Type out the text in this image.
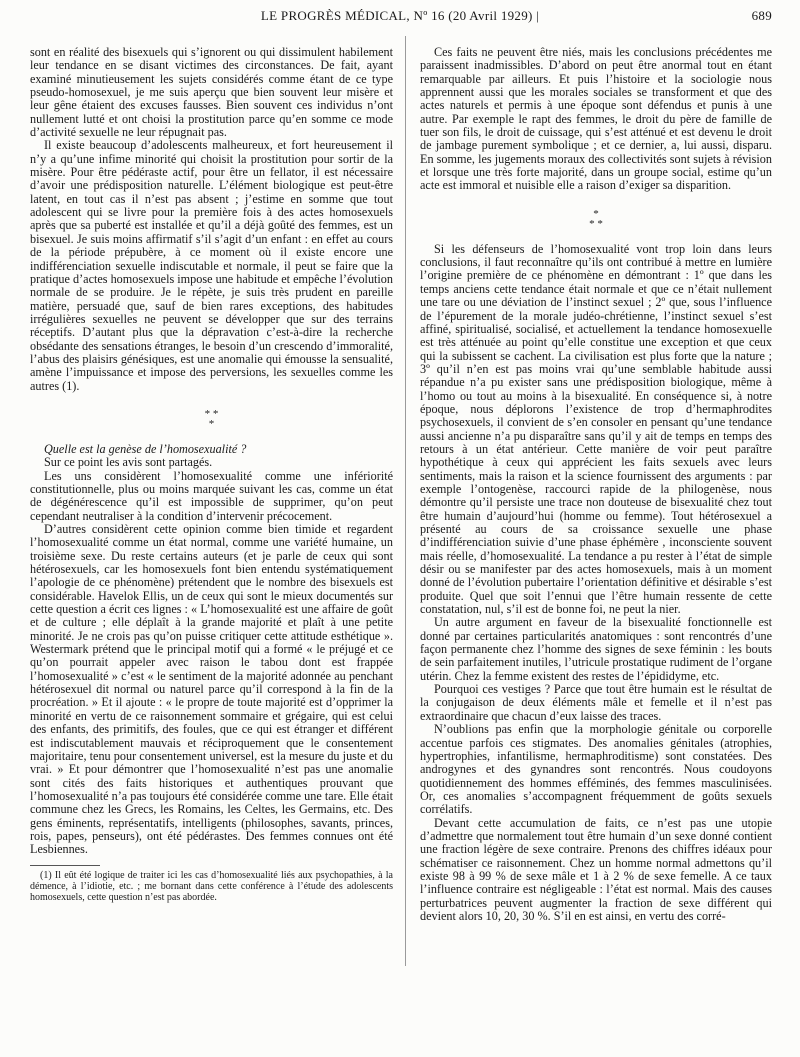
LE PROGRÈS MÉDICAL, Nº 16 (20 Avril 1929) |	689

sont en réalité des bisexuels qui s’ignorent ou qui dissimulent habilement leur tendance en se disant victimes des circonstances. De fait, ayant examiné minutieusement les sujets considérés comme étant de ce type pseudo-homosexuel, je me suis aperçu que bien souvent leur misère et leur gêne étaient des excuses fausses. Bien souvent ces individus n’ont nullement lutté et ont choisi la prostitution parce qu’en somme ce mode d’activité sexuelle ne leur répugnait pas.

Il existe beaucoup d’adolescents malheureux, et fort heureusement il n’y a qu’une infime minorité qui choisit la prostitution pour sortir de la misère. Pour être pédéraste actif, pour être un fellator, il est nécessaire d’avoir une prédisposition naturelle. L’élément biologique est peut-être latent, en tout cas il n’est pas absent ; j’estime en somme que tout adolescent qui se livre pour la première fois à des actes homosexuels après que sa puberté est installée et qu’il a déjà goûté des femmes, est un bisexuel. Je suis moins affirmatif s’il s’agit d’un enfant : en effet au cours de la période prépubère, à ce moment où il existe encore une indifférenciation sexuelle indiscutable et normale, il peut se faire que la pratique d’actes homosexuels impose une habitude et empêche l’évolution normale de se produire. Je le répète, je suis très prudent en pareille matière, persuadé que, sauf de bien rares exceptions, des habitudes irrégulières sexuelles ne peuvent se développer que sur des terrains réceptifs. D’autant plus que la dépravation c’est-à-dire la recherche obsédante des sensations étranges, le besoin d’un crescendo d’immoralité, l’abus des plaisirs génésiques, est une anomalie qui émousse la sensualité, amène l’impuissance et impose des perversions, les sexuelles comme les autres (1).

* *
*

Quelle est la genèse de l’homosexualité ?

Sur ce point les avis sont partagés.

Les uns considèrent l’homosexualité comme une infériorité constitutionnelle, plus ou moins marquée suivant les cas, comme un état de dégénérescence qu’il est impossible de supprimer, qu’on peut cependant neutraliser à la condition d’intervenir précocement.

D’autres considèrent cette opinion comme bien timide et regardent l’homosexualité comme un état normal, comme une variété humaine, un troisième sexe. Du reste certains auteurs (et je parle de ceux qui sont hétérosexuels, car les homosexuels font bien entendu systématiquement l’apologie de ce phénomène) prétendent que le nombre des bisexuels est considérable. Havelok Ellis, un de ceux qui sont le mieux documentés sur cette question a écrit ces lignes : « L’homosexualité est une affaire de goût et de culture ; elle déplaît à la grande majorité et plaît à une petite minorité. Je ne crois pas qu’on puisse critiquer cette attitude esthétique ». Westermark prétend que le principal motif qui a formé « le préjugé et ce qu’on pourrait appeler avec raison le tabou dont est frappée l’homosexualité » c’est « le sentiment de la majorité adonnée au penchant hétérosexuel dit normal ou naturel parce qu’il correspond à la fin de la procréation. » Et il ajoute : « le propre de toute majorité est d’opprimer la minorité en vertu de ce raisonnement sommaire et grégaire, qui est celui des enfants, des primitifs, des foules, que ce qui est étranger et différent est indiscutablement mauvais et réciproquement que le consentement majoritaire, tenu pour consentement universel, est la mesure du juste et du vrai. » Et pour démontrer que l’homosexualité n’est pas une anomalie sont cités des faits historiques et authentiques prouvant que l’homosexualité n’a pas toujours été considérée comme une tare. Elle était commune chez les Grecs, les Romains, les Celtes, les Germains, etc. Des gens éminents, représentatifs, intelligents (philosophes, savants, princes, rois, papes, penseurs), ont été pédérastes. Des femmes connues ont été Lesbiennes.

(1) Il eût été logique de traiter ici les cas d’homosexualité liés aux psychopathies, à la démence, à l’idiotie, etc. ; me bornant dans cette conférence à l’étude des adolescents homosexuels, cette question n’est pas abordée.

Ces faits ne peuvent être niés, mais les conclusions précédentes me paraissent inadmissibles. D’abord on peut être anormal tout en étant remarquable par ailleurs. Et puis l’histoire et la sociologie nous apprennent aussi que les morales sociales se transforment et que des actes naturels et permis à une époque sont défendus et punis à une autre. Par exemple le rapt des femmes, le droit du père de famille de tuer son fils, le droit de cuissage, qui s’est atténué et est devenu le droit de jambage purement symbolique ; et ce dernier, a, lui aussi, disparu. En somme, les jugements moraux des collectivités sont sujets à révision et lorsque une très forte majorité, dans un groupe social, estime qu’un acte est immoral et nuisible elle a raison d’exiger sa disparition.

*
* *

Si les défenseurs de l’homosexualité vont trop loin dans leurs conclusions, il faut reconnaître qu’ils ont contribué à mettre en lumière l’origine première de ce phénomène en démontrant : 1º que dans les temps anciens cette tendance était normale et que ce n’était nullement une tare ou une déviation de l’instinct sexuel ; 2º que, sous l’influence de l’épurement de la morale judéo-chrétienne, l’instinct sexuel s’est affiné, spiritualisé, socialisé, et actuellement la tendance homosexuelle est très atténuée au point qu’elle constitue une exception et que ceux qui la subissent se cachent. La civilisation est plus forte que la nature ; 3º qu’il n’en est pas moins vrai qu’une semblable habitude aussi répandue n’a pu exister sans une prédisposition biologique, même à l’homo ou tout au moins à la bisexualité. En conséquence si, à notre époque, nous déplorons l’existence de trop d’hermaphrodites psychosexuels, il convient de s’en consoler en pensant qu’une tendance aussi ancienne n’a pu disparaître sans qu’il y ait de temps en temps des retours à un état antérieur. Cette manière de voir peut paraître hypothétique à ceux qui apprécient les faits sexuels avec leurs sentiments, mais la raison et la science fournissent des arguments : par exemple l’ontogenèse, raccourci rapide de la philogenèse, nous démontre qu’il persiste une trace non douteuse de bisexualité chez tout être humain d’aujourd’hui (homme ou femme). Tout hétérosexuel a présenté au cours de sa croissance sexuelle une phase d’indifférenciation suivie d’une phase éphémère , inconsciente souvent mais réelle, d’homosexualité. La tendance a pu rester à l’état de simple désir ou se manifester par des actes homosexuels, mais à un moment donné de l’évolution pubertaire l’orientation définitive et désirable s’est produite. Quel que soit l’ennui que l’être humain ressente de cette constatation, nul, s’il est de bonne foi, ne peut la nier.

Un autre argument en faveur de la bisexualité fonctionnelle est donné par certaines particularités anatomiques : sont rencontrés d’une façon permanente chez l’homme des signes de sexe féminin : les bouts de sein parfaitement inutiles, l’utricule prostatique rudiment de l’organe utérin. Chez la femme existent des restes de l’épididyme, etc.

Pourquoi ces vestiges ? Parce que tout être humain est le résultat de la conjugaison de deux éléments mâle et femelle et il n’est pas extraordinaire que chacun d’eux laisse des traces.

N’oublions pas enfin que la morphologie génitale ou corporelle accentue parfois ces stigmates. Des anomalies génitales (atrophies, hypertrophies, infantilisme, hermaphroditisme) sont constatées. Des androgynes et des gynandres sont rencontrés. Nous coudoyons quotidiennement des hommes efféminés, des femmes masculinisées. Or, ces anomalies s’accompagnent fréquemment de goûts sexuels corrélatifs.

Devant cette accumulation de faits, ce n’est pas une utopie d’admettre que normalement tout être humain d’un sexe donné contient une fraction légère de sexe contraire. Prenons des chiffres idéaux pour schématiser ce raisonnement. Chez un homme normal admettons qu’il existe 98 à 99 % de sexe mâle et 1 à 2 % de sexe femelle. A ce taux l’influence contraire est négligeable : l’état est normal. Mais des causes perturbatrices peuvent augmenter la fraction de sexe différent qui devient alors 10, 20, 30 %. S’il en est ainsi, en vertu des corré-
